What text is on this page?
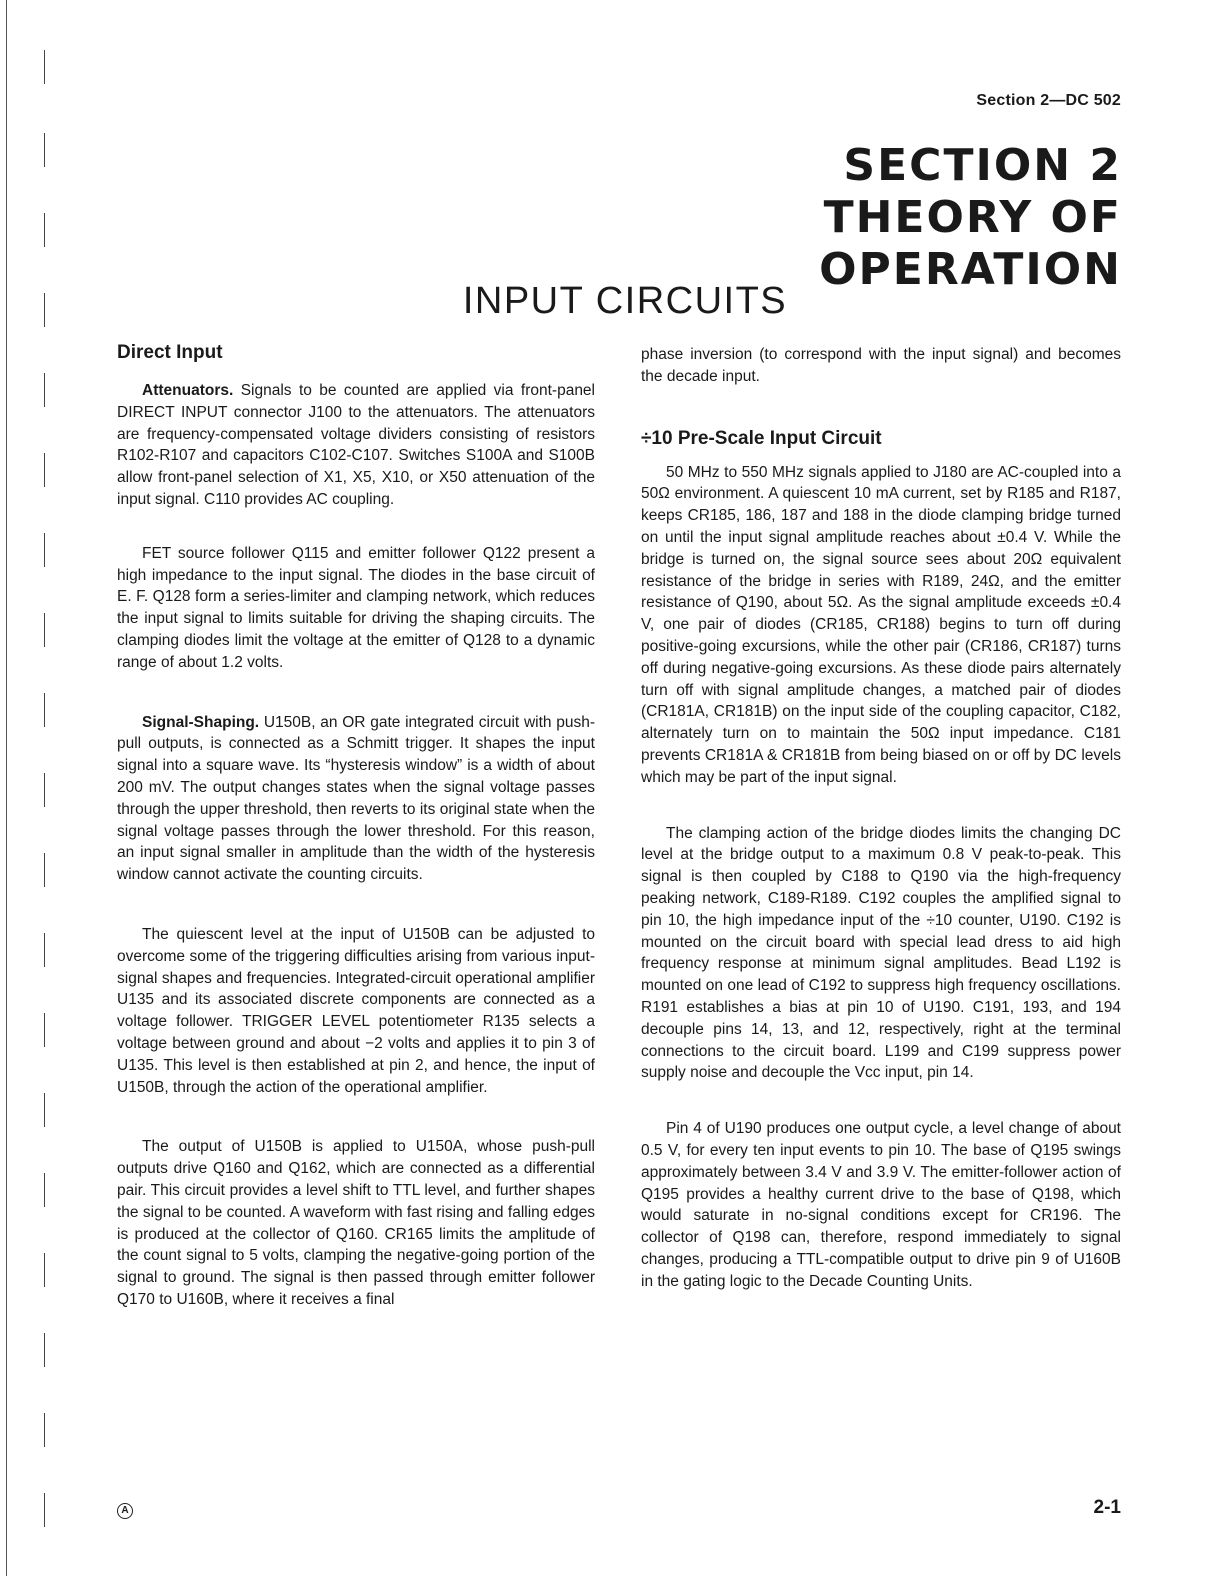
Section 2—DC 502
SECTION 2
THEORY OF
OPERATION
INPUT CIRCUITS
Direct Input

Attenuators. Signals to be counted are applied via front-panel DIRECT INPUT connector J100 to the attenuators. The attenuators are frequency-compensated voltage dividers consisting of resistors R102-R107 and capacitors C102-C107. Switches S100A and S100B allow front-panel selection of X1, X5, X10, or X50 attenuation of the input signal. C110 provides AC coupling.

FET source follower Q115 and emitter follower Q122 present a high impedance to the input signal. The diodes in the base circuit of E. F. Q128 form a series-limiter and clamping network, which reduces the input signal to limits suitable for driving the shaping circuits. The clamping diodes limit the voltage at the emitter of Q128 to a dynamic range of about 1.2 volts.

Signal-Shaping. U150B, an OR gate integrated circuit with push-pull outputs, is connected as a Schmitt trigger. It shapes the input signal into a square wave. Its “hysteresis window” is a width of about 200 mV. The output changes states when the signal voltage passes through the upper threshold, then reverts to its original state when the signal voltage passes through the lower threshold. For this reason, an input signal smaller in amplitude than the width of the hysteresis window cannot activate the counting circuits.

The quiescent level at the input of U150B can be adjusted to overcome some of the triggering difficulties arising from various input-signal shapes and frequencies. Integrated-circuit operational amplifier U135 and its associated discrete components are connected as a voltage follower. TRIGGER LEVEL potentiometer R135 selects a voltage between ground and about −2 volts and applies it to pin 3 of U135. This level is then established at pin 2, and hence, the input of U150B, through the action of the operational amplifier.

The output of U150B is applied to U150A, whose push-pull outputs drive Q160 and Q162, which are connected as a differential pair. This circuit provides a level shift to TTL level, and further shapes the signal to be counted. A waveform with fast rising and falling edges is produced at the collector of Q160. CR165 limits the amplitude of the count signal to 5 volts, clamping the negative-going portion of the signal to ground. The signal is then passed through emitter follower Q170 to U160B, where it receives a final

phase inversion (to correspond with the input signal) and becomes the decade input.

÷10 Pre-Scale Input Circuit

50 MHz to 550 MHz signals applied to J180 are AC-coupled into a 50Ω environment. A quiescent 10 mA current, set by R185 and R187, keeps CR185, 186, 187 and 188 in the diode clamping bridge turned on until the input signal amplitude reaches about ±0.4 V. While the bridge is turned on, the signal source sees about 20Ω equivalent resistance of the bridge in series with R189, 24Ω, and the emitter resistance of Q190, about 5Ω. As the signal amplitude exceeds ±0.4 V, one pair of diodes (CR185, CR188) begins to turn off during positive-going excursions, while the other pair (CR186, CR187) turns off during negative-going excursions. As these diode pairs alternately turn off with signal amplitude changes, a matched pair of diodes (CR181A, CR181B) on the input side of the coupling capacitor, C182, alternately turn on to maintain the 50Ω input impedance. C181 prevents CR181A & CR181B from being biased on or off by DC levels which may be part of the input signal.

The clamping action of the bridge diodes limits the changing DC level at the bridge output to a maximum 0.8 V peak-to-peak. This signal is then coupled by C188 to Q190 via the high-frequency peaking network, C189-R189. C192 couples the amplified signal to pin 10, the high impedance input of the ÷10 counter, U190. C192 is mounted on the circuit board with special lead dress to aid high frequency response at minimum signal amplitudes. Bead L192 is mounted on one lead of C192 to suppress high frequency oscillations. R191 establishes a bias at pin 10 of U190. C191, 193, and 194 decouple pins 14, 13, and 12, respectively, right at the terminal connections to the circuit board. L199 and C199 suppress power supply noise and decouple the Vcc input, pin 14.

Pin 4 of U190 produces one output cycle, a level change of about 0.5 V, for every ten input events to pin 10. The base of Q195 swings approximately between 3.4 V and 3.9 V. The emitter-follower action of Q195 provides a healthy current drive to the base of Q198, which would saturate in no-signal conditions except for CR196. The collector of Q198 can, therefore, respond immediately to signal changes, producing a TTL-compatible output to drive pin 9 of U160B in the gating logic to the Decade Counting Units.

A	2-1
